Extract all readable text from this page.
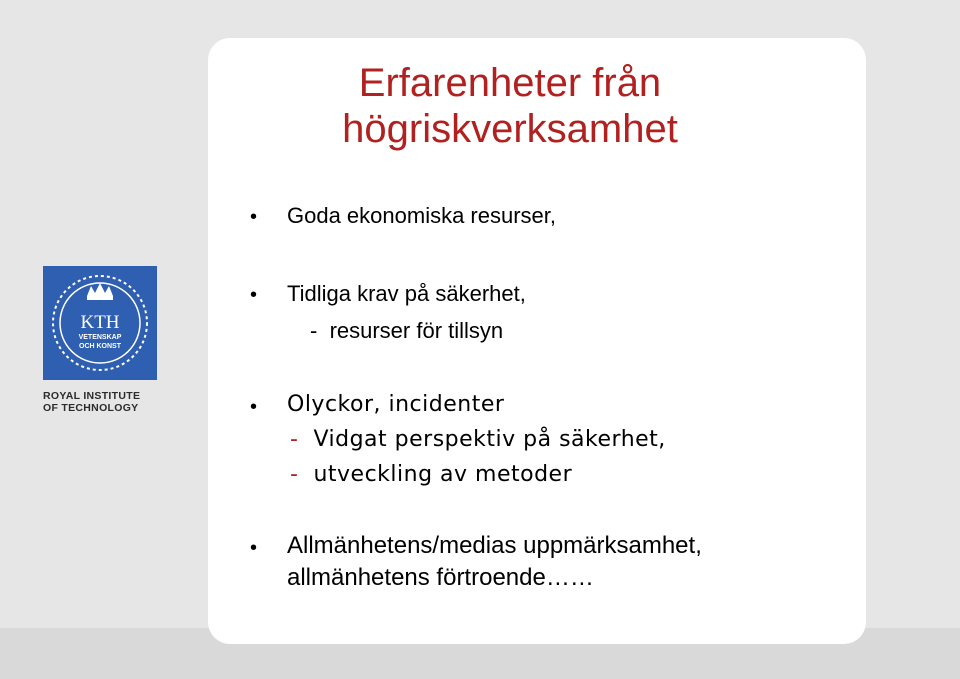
Erfarenheter från
högriskverksamhet
KTH
VETENSKAP
OCH KONST
ROYAL INSTITUTE
OF TECHNOLOGY
• Goda ekonomiska resurser,
• Tidliga krav på säkerhet,
- resurser för tillsyn
• Olyckor, incidenter
- Vidgat perspektiv på säkerhet,
- utveckling av metoder
• Allmänhetens/medias uppmärksamhet,
allmänhetens förtroende……
